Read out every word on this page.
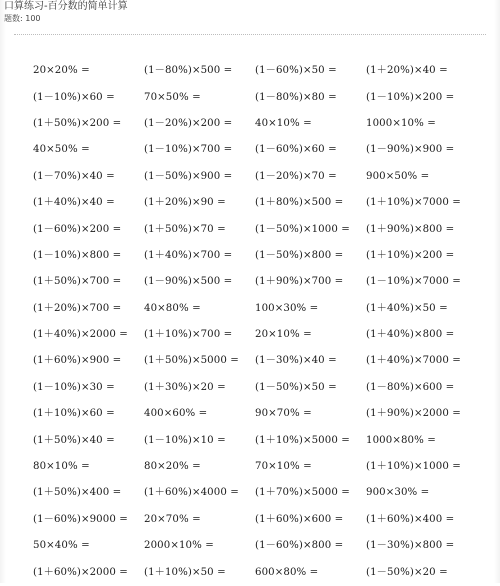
口算练习-百分数的简单计算

题数: 100

20×20% =	(1－80%)×500 =	(1－60%)×50 =	(1＋20%)×40 =
(1－10%)×60 =	70×50% =	(1－80%)×80 =	(1－10%)×200 =
(1＋50%)×200 =	(1－20%)×200 =	40×10% =	1000×10% =
40×50% =	(1－10%)×700 =	(1－60%)×60 =	(1－90%)×900 =
(1－70%)×40 =	(1－50%)×900 =	(1－20%)×70 =	900×50% =
(1＋40%)×40 =	(1＋20%)×90 =	(1＋80%)×500 =	(1＋10%)×7000 =
(1－60%)×200 =	(1＋50%)×70 =	(1－50%)×1000 =	(1＋90%)×800 =
(1－10%)×800 =	(1＋40%)×700 =	(1－50%)×800 =	(1＋10%)×200 =
(1＋50%)×700 =	(1－90%)×500 =	(1＋90%)×700 =	(1－10%)×7000 =
(1＋20%)×700 =	40×80% =	100×30% =	(1＋40%)×50 =
(1＋40%)×2000 =	(1＋10%)×700 =	20×10% =	(1＋40%)×800 =
(1＋60%)×900 =	(1＋50%)×5000 =	(1－30%)×40 =	(1＋40%)×7000 =
(1－10%)×30 =	(1＋30%)×20 =	(1－50%)×50 =	(1－80%)×600 =
(1＋10%)×60 =	400×60% =	90×70% =	(1＋90%)×2000 =
(1＋50%)×40 =	(1－10%)×10 =	(1＋10%)×5000 =	1000×80% =
80×10% =	80×20% =	70×10% =	(1＋10%)×1000 =
(1＋50%)×400 =	(1＋60%)×4000 =	(1＋70%)×5000 =	900×30% =
(1－60%)×9000 =	20×70% =	(1＋60%)×600 =	(1＋60%)×400 =
50×40% =	2000×10% =	(1－60%)×800 =	(1－30%)×800 =
(1＋60%)×2000 =	(1＋10%)×50 =	600×80% =	(1－50%)×20 =
